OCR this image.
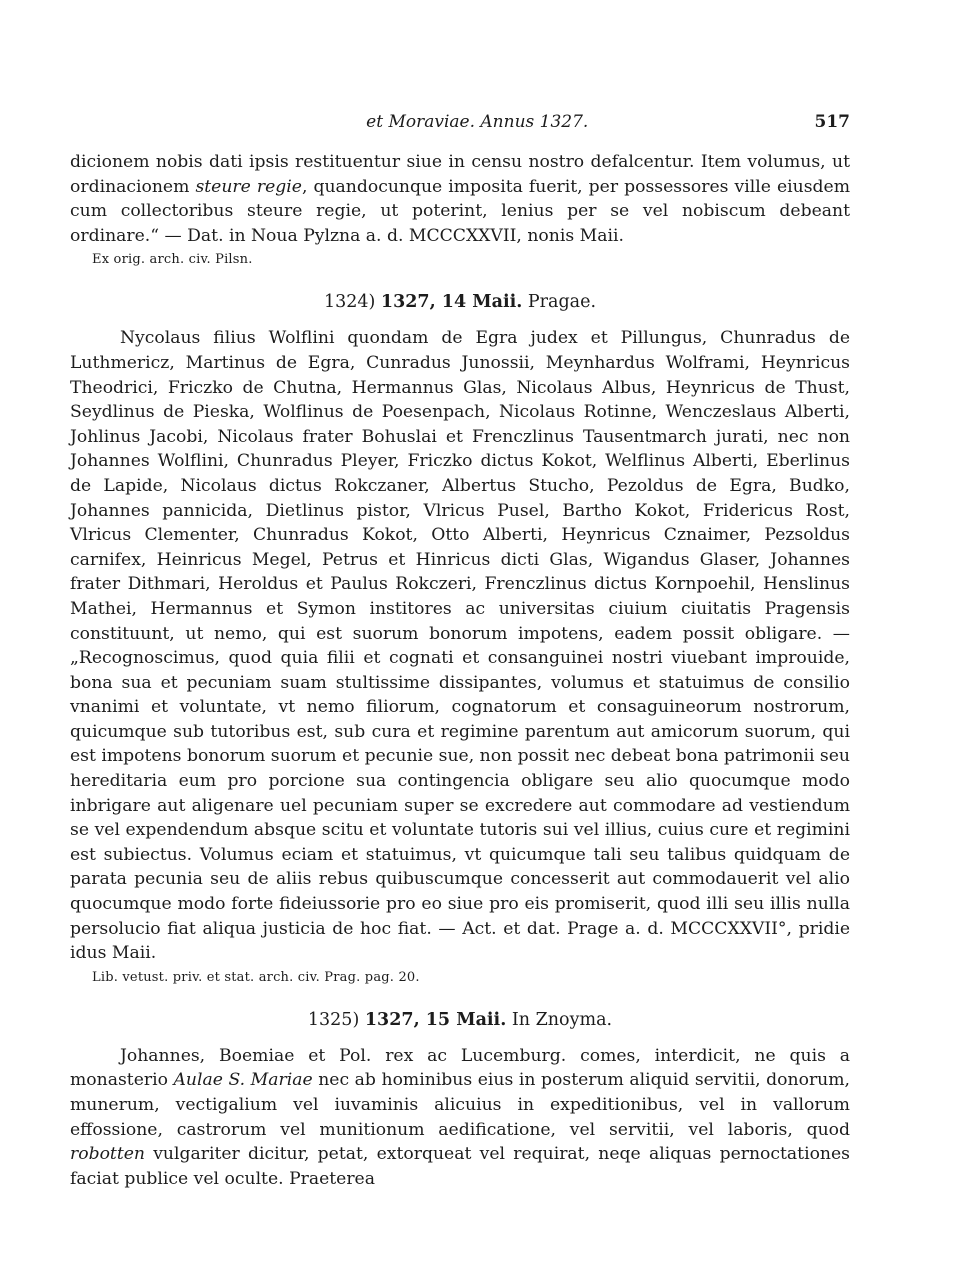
et Moraviae. Annus 1327.	517

dicionem nobis dati ipsis restituentur siue in censu nostro defalcentur. Item volumus, ut ordinacionem steure regie, quandocunque imposita fuerit, per possessores ville eiusdem cum collectoribus steure regie, ut poterint, lenius per se vel nobiscum debeant ordinare.“ — Dat. in Noua Pylzna a. d. MCCCXXVII, nonis Maii.

Ex orig. arch. civ. Pilsn.
1324) 1327, 14 Maii. Pragae.

Nycolaus filius Wolflini quondam de Egra judex et Pillungus, Chunradus de Luthmericz, Martinus de Egra, Cunradus Junossii, Meynhardus Wolframi, Heynricus Theodrici, Friczko de Chutna, Hermannus Glas, Nicolaus Albus, Heynricus de Thust, Seydlinus de Pieska, Wolflinus de Poesenpach, Nicolaus Rotinne, Wenczeslaus Alberti, Johlinus Jacobi, Nicolaus frater Bohuslai et Frenczlinus Tausentmarch jurati, nec non Johannes Wolflini, Chunradus Pleyer, Friczko dictus Kokot, Welflinus Alberti, Eberlinus de Lapide, Nicolaus dictus Rokczaner, Albertus Stucho, Pezoldus de Egra, Budko, Johannes pannicida, Dietlinus pistor, Vlricus Pusel, Bartho Kokot, Fridericus Rost, Vlricus Clementer, Chunradus Kokot, Otto Alberti, Heynricus Cznaimer, Pezsoldus carnifex, Heinricus Megel, Petrus et Hinricus dicti Glas, Wigandus Glaser, Johannes frater Dithmari, Heroldus et Paulus Rokczeri, Frenczlinus dictus Kornpoehil, Henslinus Mathei, Hermannus et Symon institores ac universitas ciuium ciuitatis Pragensis constituunt, ut nemo, qui est suorum bonorum impotens, eadem possit obligare. — „Recognoscimus, quod quia filii et cognati et consanguinei nostri viuebant improuide, bona sua et pecuniam suam stultissime dissipantes, volumus et statuimus de consilio vnanimi et voluntate, vt nemo filiorum, cognatorum et consaguineorum nostrorum, quicumque sub tutoribus est, sub cura et regimine parentum aut amicorum suorum, qui est impotens bonorum suorum et pecunie sue, non possit nec debeat bona patrimonii seu hereditaria eum pro porcione sua contingencia obligare seu alio quocumque modo inbrigare aut aligenare uel pecuniam super se excredere aut commodare ad vestiendum se vel expendendum absque scitu et voluntate tutoris sui vel illius, cuius cure et regimini est subiectus. Volumus eciam et statuimus, vt quicumque tali seu talibus quidquam de parata pecunia seu de aliis rebus quibuscumque concesserit aut commodauerit vel alio quocumque modo forte fideiussorie pro eo siue pro eis promiserit, quod illi seu illis nulla persolucio fiat aliqua justicia de hoc fiat. — Act. et dat. Prage a. d. MCCCXXVII°, pridie idus Maii.

Lib. vetust. priv. et stat. arch. civ. Prag. pag. 20.
1325) 1327, 15 Maii. In Znoyma.

Johannes, Boemiae et Pol. rex ac Lucemburg. comes, interdicit, ne quis a monasterio Aulae S. Mariae nec ab hominibus eius in posterum aliquid servitii, donorum, munerum, vectigalium vel iuvaminis alicuius in expeditionibus, vel in vallorum effossione, castrorum vel munitionum aedificatione, vel servitii, vel laboris, quod robotten vulgariter dicitur, petat, extorqueat vel requirat, neqe aliquas pernoctationes faciat publice vel oculte. Praeterea
